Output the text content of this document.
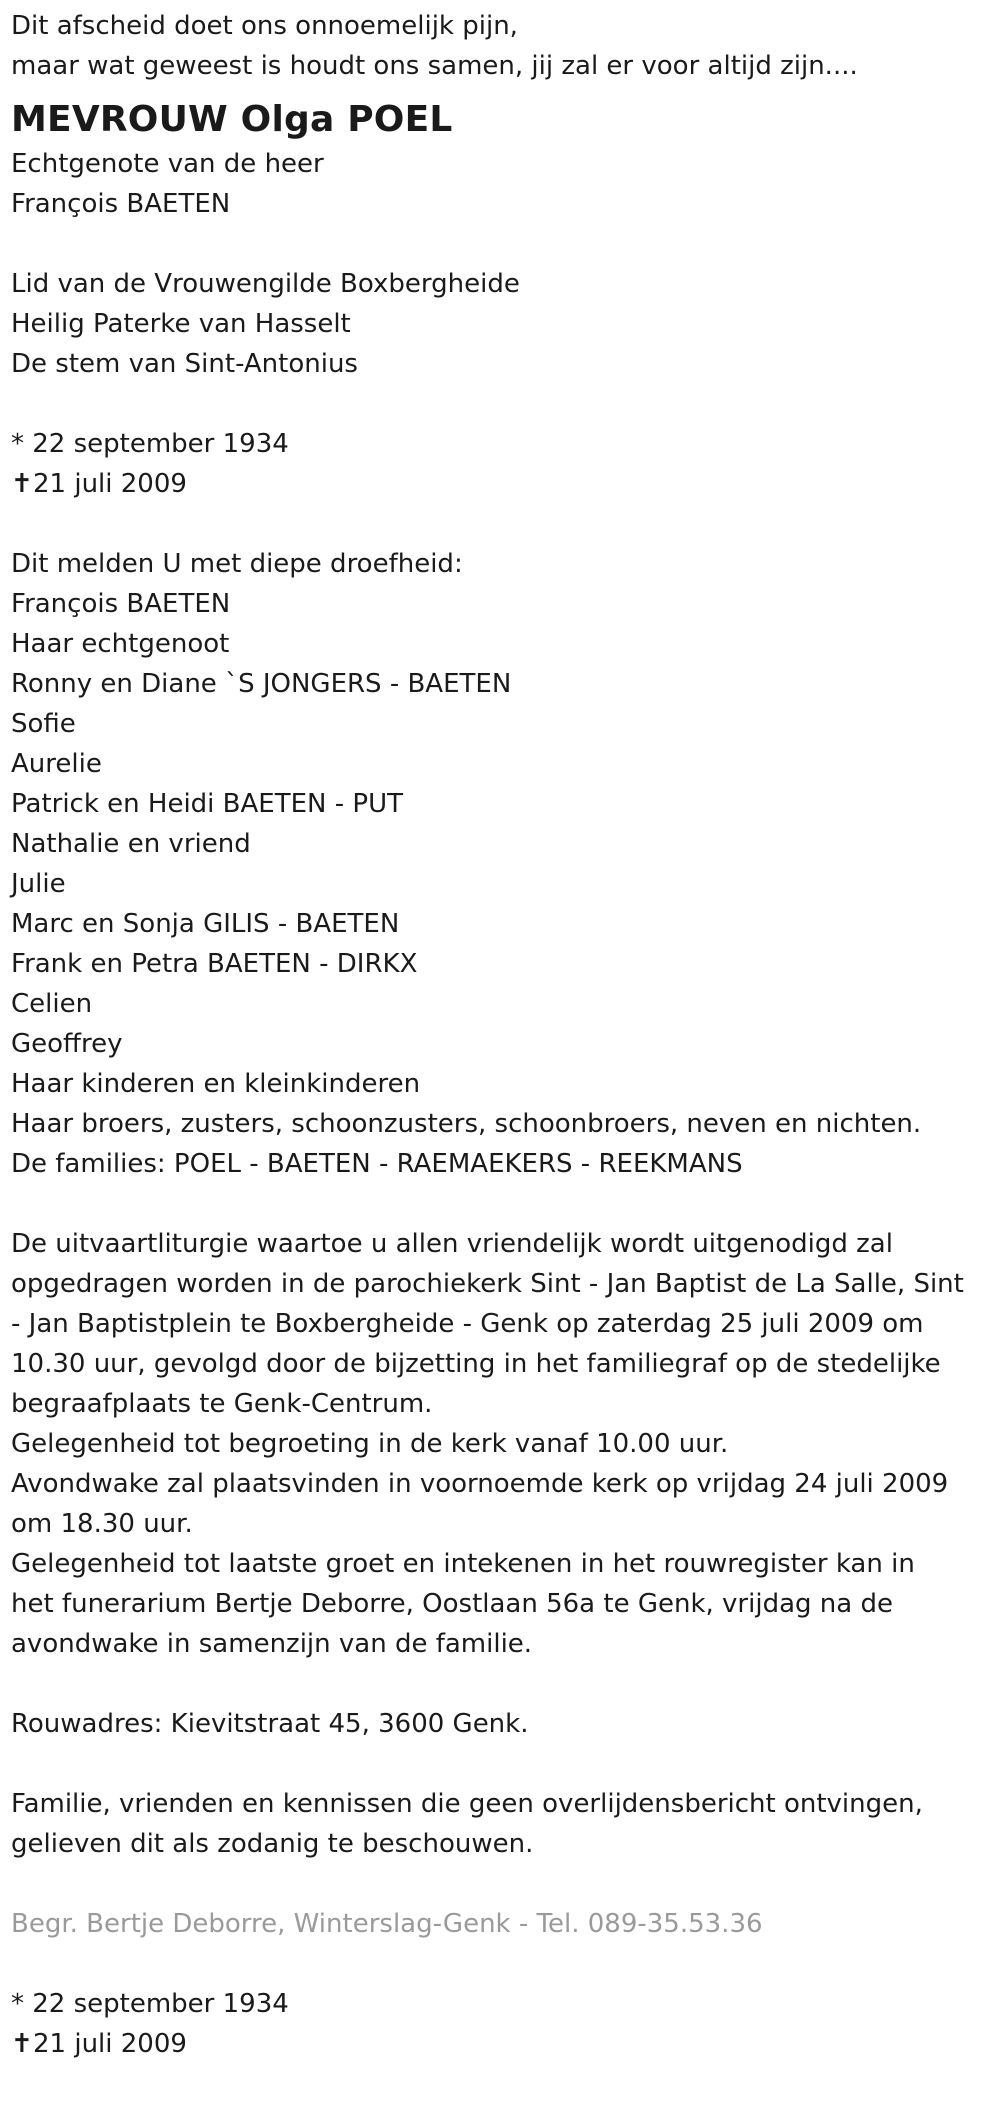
Dit afscheid doet ons onnoemelijk pijn,
maar wat geweest is houdt ons samen, jij zal er voor altijd zijn....
MEVROUW Olga POEL
Echtgenote van de heer
François BAETEN
Lid van de Vrouwengilde Boxbergheide
Heilig Paterke van Hasselt
De stem van Sint-Antonius
* 22 september 1934
✝21 juli 2009
Dit melden U met diepe droefheid:
François BAETEN
Haar echtgenoot
Ronny en Diane `S JONGERS - BAETEN
Sofie
Aurelie
Patrick en Heidi BAETEN - PUT
Nathalie en vriend
Julie
Marc en Sonja GILIS - BAETEN
Frank en Petra BAETEN - DIRKX
Celien
Geoffrey
Haar kinderen en kleinkinderen
Haar broers, zusters, schoonzusters, schoonbroers, neven en nichten.
De families: POEL - BAETEN - RAEMAEKERS - REEKMANS
De uitvaartliturgie waartoe u allen vriendelijk wordt uitgenodigd zal
opgedragen worden in de parochiekerk Sint - Jan Baptist de La Salle, Sint
- Jan Baptistplein te Boxbergheide - Genk op zaterdag 25 juli 2009 om
10.30 uur, gevolgd door de bijzetting in het familiegraf op de stedelijke
begraafplaats te Genk-Centrum.
Gelegenheid tot begroeting in de kerk vanaf 10.00 uur.
Avondwake zal plaatsvinden in voornoemde kerk op vrijdag 24 juli 2009
om 18.30 uur.
Gelegenheid tot laatste groet en intekenen in het rouwregister kan in
het funerarium Bertje Deborre, Oostlaan 56a te Genk, vrijdag na de
avondwake in samenzijn van de familie.
Rouwadres: Kievitstraat 45, 3600 Genk.
Familie, vrienden en kennissen die geen overlijdensbericht ontvingen,
gelieven dit als zodanig te beschouwen.
Begr. Bertje Deborre, Winterslag-Genk - Tel. 089-35.53.36
* 22 september 1934
✝21 juli 2009
